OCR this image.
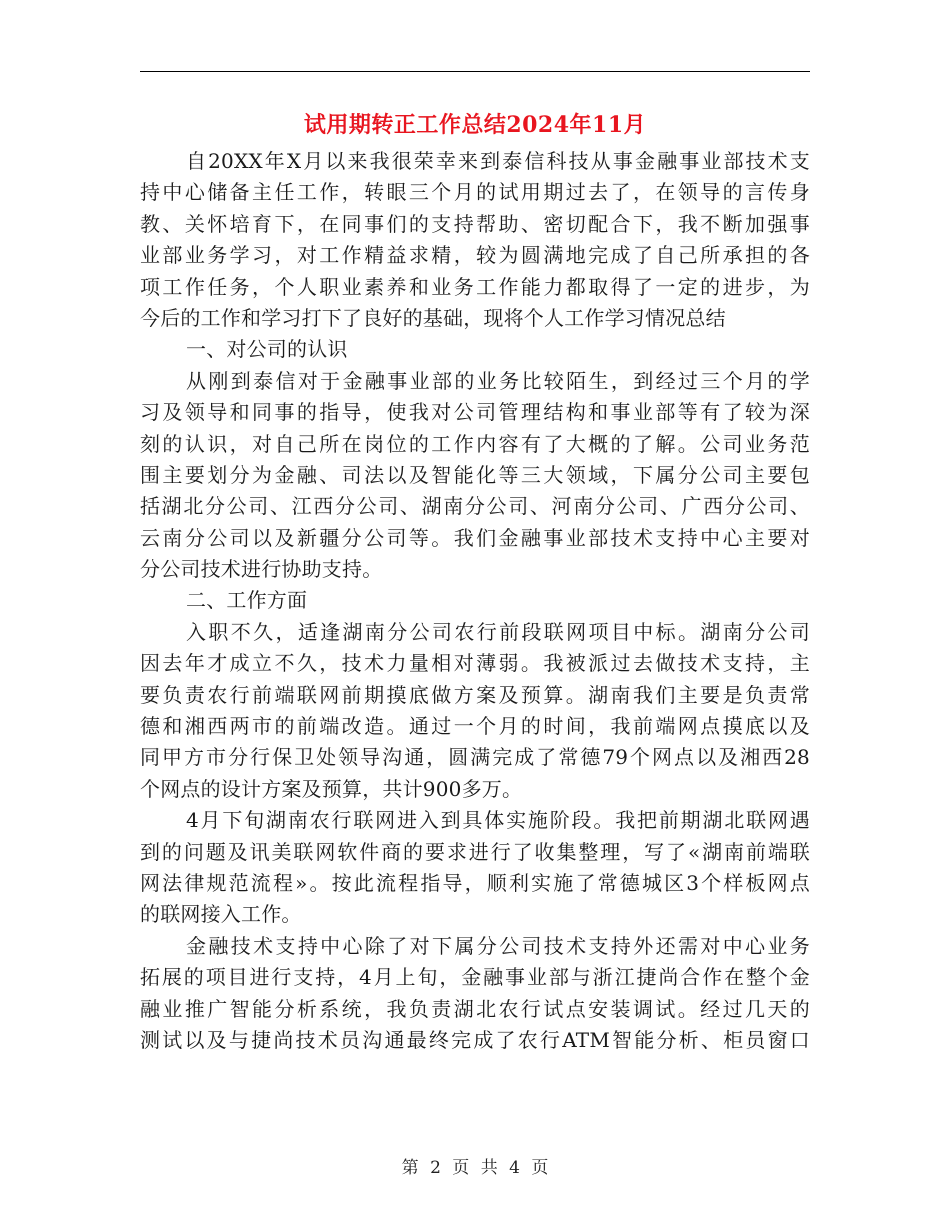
试用期转正工作总结2024年11月
自20XX年X月以来我很荣幸来到泰信科技从事金融事业部技术支
持中心储备主任工作，转眼三个月的试用期过去了，在领导的言传身
教、关怀培育下，在同事们的支持帮助、密切配合下，我不断加强事
业部业务学习，对工作精益求精，较为圆满地完成了自己所承担的各
项工作任务，个人职业素养和业务工作能力都取得了一定的进步，为
今后的工作和学习打下了良好的基础，现将个人工作学习情况总结
一、对公司的认识
从刚到泰信对于金融事业部的业务比较陌生，到经过三个月的学
习及领导和同事的指导，使我对公司管理结构和事业部等有了较为深
刻的认识，对自己所在岗位的工作内容有了大概的了解。公司业务范
围主要划分为金融、司法以及智能化等三大领域，下属分公司主要包
括湖北分公司、江西分公司、湖南分公司、河南分公司、广西分公司、
云南分公司以及新疆分公司等。我们金融事业部技术支持中心主要对
分公司技术进行协助支持。
二、工作方面
入职不久，适逢湖南分公司农行前段联网项目中标。湖南分公司
因去年才成立不久，技术力量相对薄弱。我被派过去做技术支持，主
要负责农行前端联网前期摸底做方案及预算。湖南我们主要是负责常
德和湘西两市的前端改造。通过一个月的时间，我前端网点摸底以及
同甲方市分行保卫处领导沟通，圆满完成了常德79个网点以及湘西28
个网点的设计方案及预算，共计900多万。
4月下旬湖南农行联网进入到具体实施阶段。我把前期湖北联网遇
到的问题及讯美联网软件商的要求进行了收集整理，写了«湖南前端联
网法律规范流程»。按此流程指导，顺利实施了常德城区3个样板网点
的联网接入工作。
金融技术支持中心除了对下属分公司技术支持外还需对中心业务
拓展的项目进行支持，4月上旬，金融事业部与浙江捷尚合作在整个金
融业推广智能分析系统，我负责湖北农行试点安装调试。经过几天的
测试以及与捷尚技术员沟通最终完成了农行ATM智能分析、柜员窗口
第 2 页 共 4 页
